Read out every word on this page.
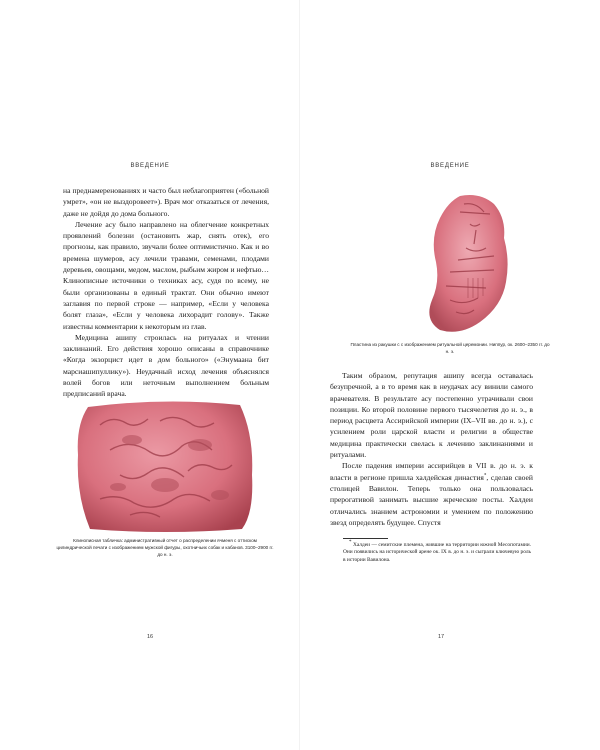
ВВЕДЕНИЕ

на преднамеренованиях и часто был неблагоприятен («больной умрет», «он не выздоровеет»). Врач мог отказаться от лечения, даже не дойдя до дома больного.

Лечение асу было направлено на облегчение конкретных проявлений болезни (остановить жар, снять отек), его прогнозы, как правило, звучали более оптимистично. Как и во времена шумеров, асу лечили травами, семенами, плодами деревьев, овощами, медом, маслом, рыбьим жиром и нефтью… Клинописные источники о техниках асу, судя по всему, не были организованы в единый трактат. Они обычно имеют заглавия по первой строке — например, «Если у человека болят глаза», «Если у человека лихорадит голову». Также известны комментарии к некоторым из глав.

Медицина ашипу строилась на ритуалах и чтении заклинаний. Его действия хорошо описаны в справочнике «Когда экзорцист идет в дом больного» («Энумаана бит марсиашипуллику»). Неудачный исход лечения объяснялся волей богов или неточным выполнением больным предписаний врача.

Клинописная табличка: административный отчет о распределении ячменя с оттиском цилиндрической печати с изображением мужской фигуры, охотничьих собак и кабанов. 3100–2900 гг. до н. э.
16
ВВЕДЕНИЕ
Пластина из ракушки с с изображением ритуальной церемонии. Ниппур, ок. 2600–2350 гг. до н. э.

Таким образом, репутация ашипу всегда оставалась безупречной, а в то время как в неудачах асу винили самого врачевателя. В результате асу постепенно утрачивали свои позиции. Ко второй половине первого тысячелетия до н. э., в период расцвета Ассирийской империи (IX–VII вв. до н. э.), с усилением роли царской власти и религии в обществе медицина практически свелась к лечению заклинаниями и ритуалами.

После падения империи ассирийцев в VII в. до н. э. к власти в регионе пришла халдейская династия*, сделав своей столицей Вавилон. Теперь только она пользовалась прерогативой занимать высшие жреческие посты. Халдеи отличались знанием астрономии и умением по положению звезд определять будущее. Спустя

* Халдеи — семитские племена, жившие на территории южной Месопотамии. Они появились на исторической арене ок. IX в. до н. э. и сыграли ключевую роль в истории Вавилона.

17
